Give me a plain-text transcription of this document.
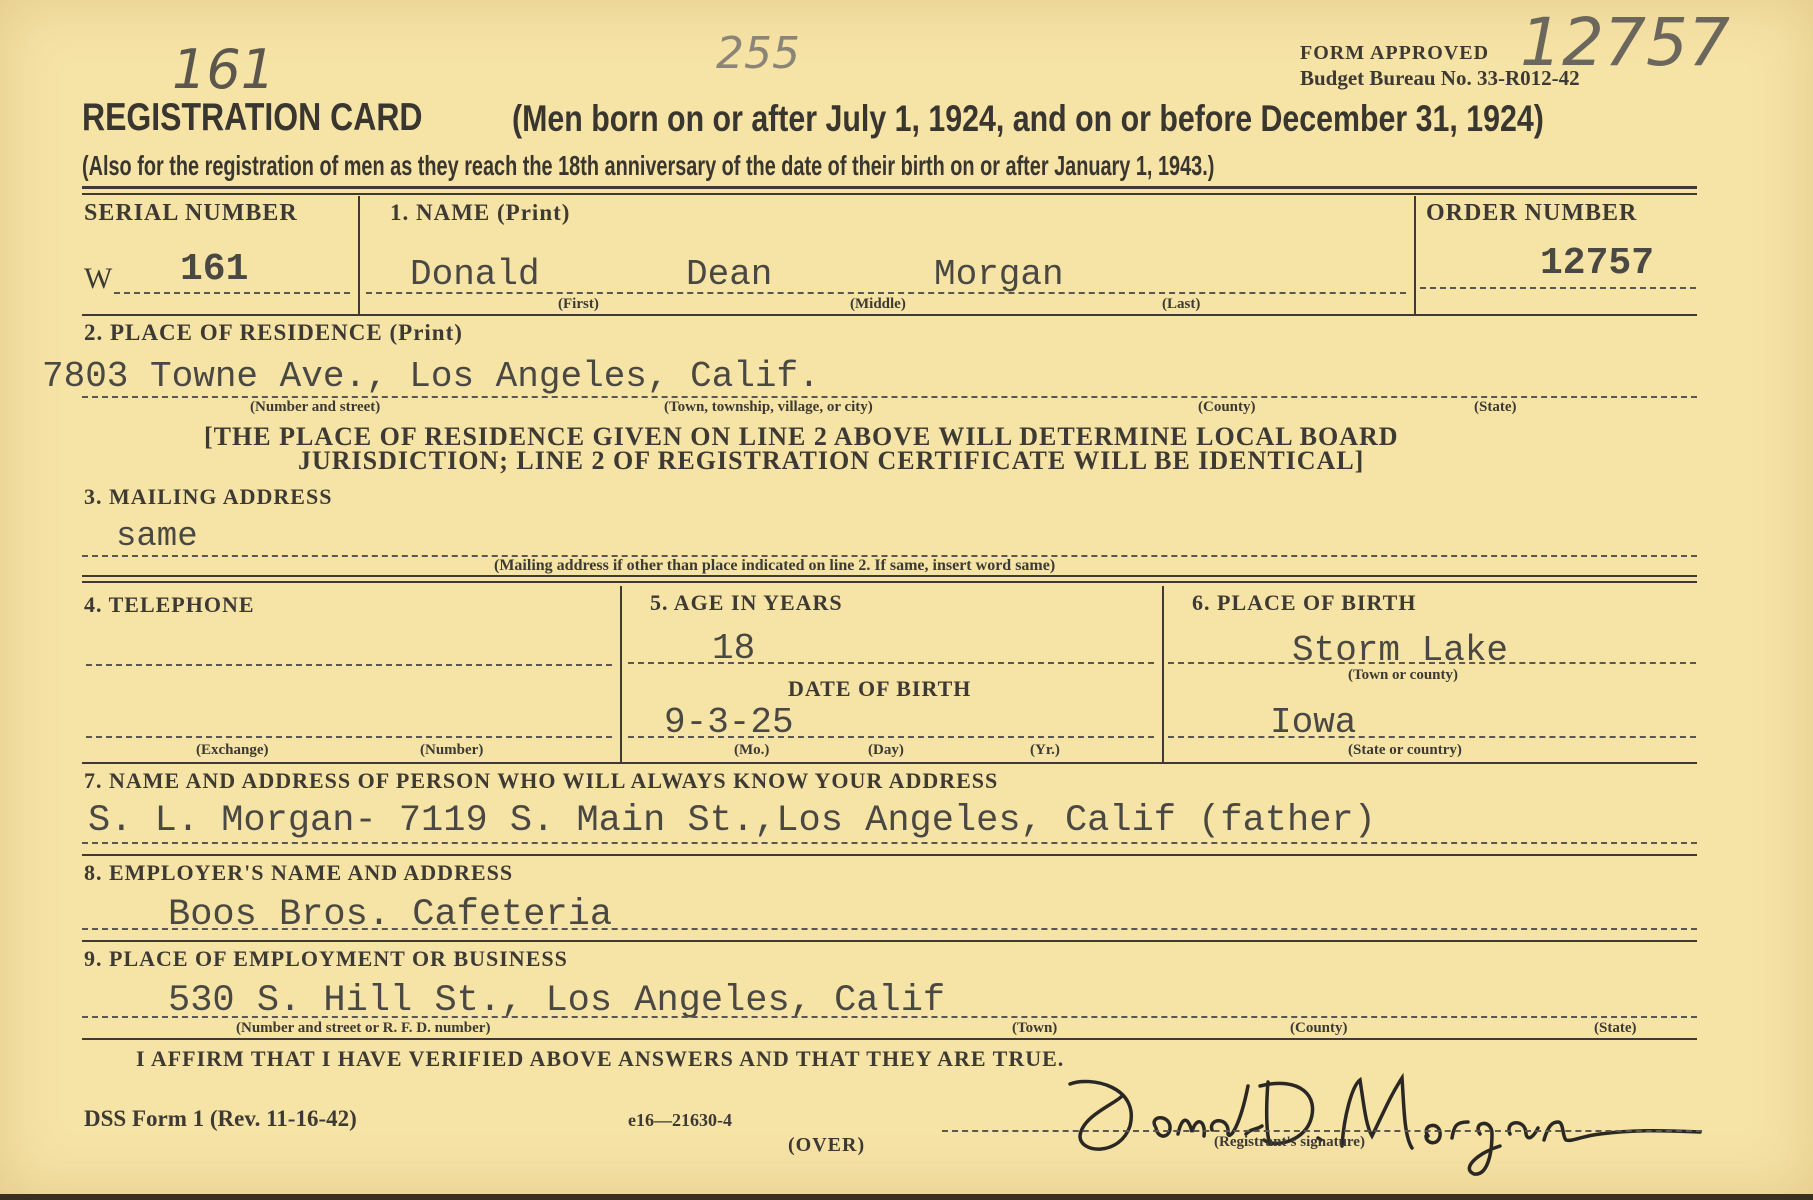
161	255	12757
FORM APPROVED
Budget Bureau No. 33-R012-42
REGISTRATION CARD (Men born on or after July 1, 1924, and on or before December 31, 1924)
(Also for the registration of men as they reach the 18th anniversary of the date of their birth on or after January 1, 1943.)
SERIAL NUMBER
W 161
1. NAME (Print)
Donald	Dean	Morgan
(First)	(Middle)	(Last)
ORDER NUMBER
12757
2. PLACE OF RESIDENCE (Print)
7803 Towne Ave., Los Angeles, Calif.
(Number and street)	(Town, township, village, or city)	(County)	(State)
[THE PLACE OF RESIDENCE GIVEN ON LINE 2 ABOVE WILL DETERMINE LOCAL BOARD
JURISDICTION; LINE 2 OF REGISTRATION CERTIFICATE WILL BE IDENTICAL]
3. MAILING ADDRESS
same
(Mailing address if other than place indicated on line 2. If same, insert word same)
4. TELEPHONE
(Exchange)	(Number)
5. AGE IN YEARS
18
DATE OF BIRTH
9-3-25
(Mo.)	(Day)	(Yr.)
6. PLACE OF BIRTH
Storm Lake
(Town or county)
Iowa
(State or country)
7. NAME AND ADDRESS OF PERSON WHO WILL ALWAYS KNOW YOUR ADDRESS
S. L. Morgan- 7119 S. Main St.,Los Angeles, Calif (father)
8. EMPLOYER'S NAME AND ADDRESS
Boos Bros. Cafeteria
9. PLACE OF EMPLOYMENT OR BUSINESS
530 S. Hill St., Los Angeles, Calif
(Number and street or R. F. D. number)	(Town)	(County)	(State)
I AFFIRM THAT I HAVE VERIFIED ABOVE ANSWERS AND THAT THEY ARE TRUE.
DSS Form 1 (Rev. 11-16-42)	e16—21630-4
(OVER)	(Registrant's signature)
